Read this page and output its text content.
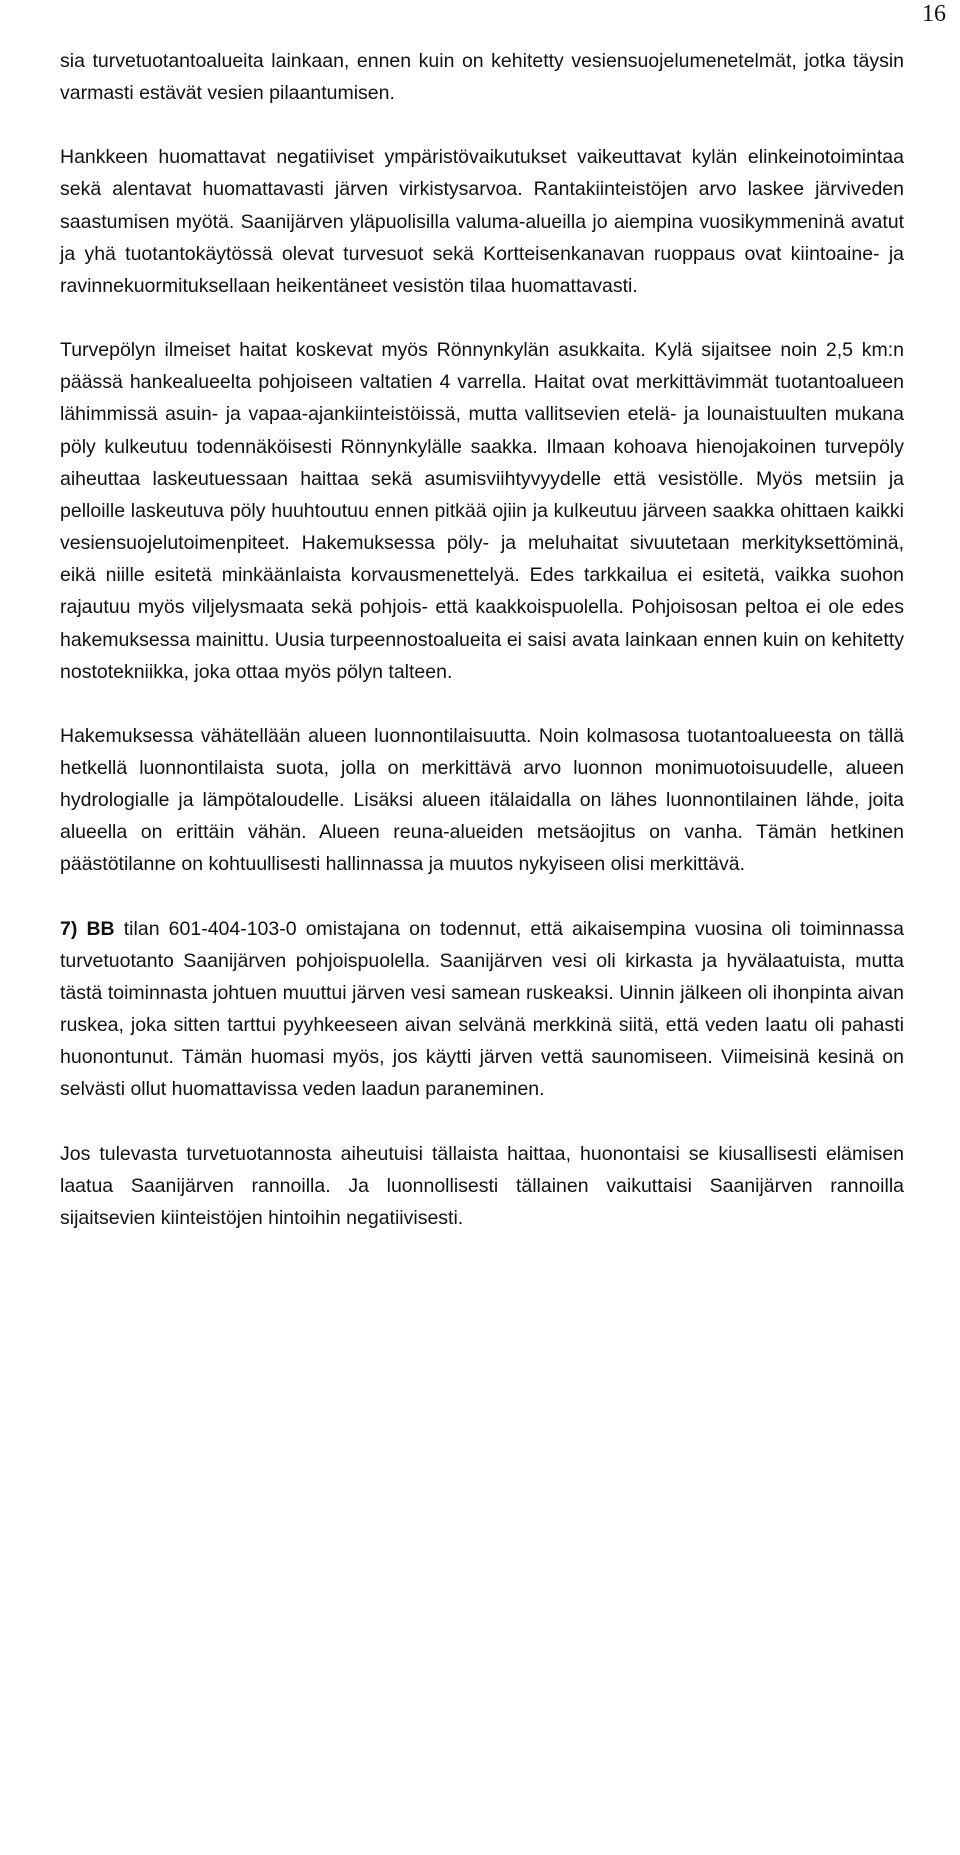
16

sia turvetuotantoalueita lainkaan, ennen kuin on kehitetty vesiensuojelumenetelmät, jotka täysin varmasti estävät vesien pilaantumisen.

Hankkeen huomattavat negatiiviset ympäristövaikutukset vaikeuttavat kylän elinkeinotoimintaa sekä alentavat huomattavasti järven virkistysarvoa. Rantakiinteistöjen arvo laskee järviveden saastumisen myötä. Saanijärven yläpuolisilla valuma-alueilla jo aiempina vuosikymmeninä avatut ja yhä tuotantokäytössä olevat turvesuot sekä Kortteisenkanavan ruoppaus ovat kiintoaine- ja ravinnekuormituksellaan heikentäneet vesistön tilaa huomattavasti.

Turvepölyn ilmeiset haitat koskevat myös Rönnynkylän asukkaita. Kylä sijaitsee noin 2,5 km:n päässä hankealueelta pohjoiseen valtatien 4 varrella. Haitat ovat merkittävimmät tuotantoalueen lähimmissä asuin- ja vapaa-ajankiinteistöissä, mutta vallitsevien etelä- ja lounaistuulten mukana pöly kulkeutuu todennäköisesti Rönnynkylälle saakka. Ilmaan kohoava hienojakoinen turvepöly aiheuttaa laskeutuessaan haittaa sekä asumisviihtyvyydelle että vesistölle. Myös metsiin ja pelloille laskeutuva pöly huuhtoutuu ennen pitkää ojiin ja kulkeutuu järveen saakka ohittaen kaikki vesiensuojelutoimenpiteet. Hakemuksessa pöly- ja meluhaitat sivuutetaan merkityksettöminä, eikä niille esitetä minkäänlaista korvausmenettelyä. Edes tarkkailua ei esitetä, vaikka suohon rajautuu myös viljelysmaata sekä pohjois- että kaakkoispuolella. Pohjoisosan peltoa ei ole edes hakemuksessa mainittu. Uusia turpeennostoalueita ei saisi avata lainkaan ennen kuin on kehitetty nostotekniikka, joka ottaa myös pölyn talteen.

Hakemuksessa vähätellään alueen luonnontilaisuutta. Noin kolmasosa tuotantoalueesta on tällä hetkellä luonnontilaista suota, jolla on merkittävä arvo luonnon monimuotoisuudelle, alueen hydrologialle ja lämpötaloudelle. Lisäksi alueen itälaidalla on lähes luonnontilainen lähde, joita alueella on erittäin vähän. Alueen reuna-alueiden metsäojitus on vanha. Tämän hetkinen päästötilanne on kohtuullisesti hallinnassa ja muutos nykyiseen olisi merkittävä.

7) BB tilan 601-404-103-0 omistajana on todennut, että aikaisempina vuosina oli toiminnassa turvetuotanto Saanijärven pohjoispuolella. Saanijärven vesi oli kirkasta ja hyvälaatuista, mutta tästä toiminnasta johtuen muuttui järven vesi samean ruskeaksi. Uinnin jälkeen oli ihonpinta aivan ruskea, joka sitten tarttui pyyhkeeseen aivan selvänä merkkinä siitä, että veden laatu oli pahasti huonontunut. Tämän huomasi myös, jos käytti järven vettä saunomiseen. Viimeisinä kesinä on selvästi ollut huomattavissa veden laadun paraneminen.

Jos tulevasta turvetuotannosta aiheutuisi tällaista haittaa, huonontaisi se kiusallisesti elämisen laatua Saanijärven rannoilla. Ja luonnollisesti tällainen vaikuttaisi Saanijärven rannoilla sijaitsevien kiinteistöjen hintoihin negatiivisesti.
